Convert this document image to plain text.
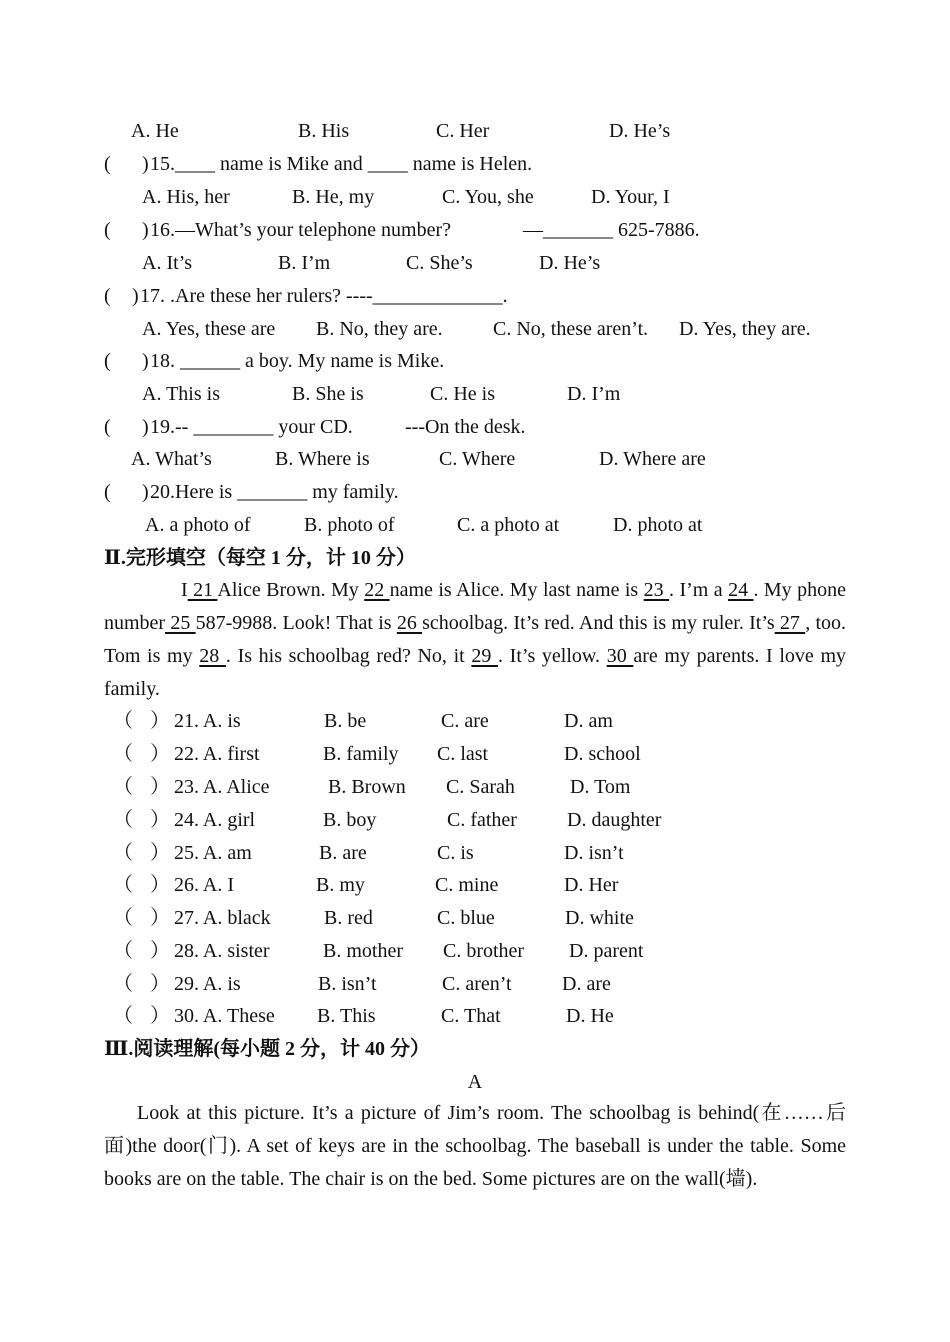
A. He	B. His	C. Her	D. He’s
( ) 15.____ name is Mike and ____ name is Helen.
A. His, her	B. He, my	C. You, she	D. Your, I
( ) 16.—What’s your telephone number?	—_______ 625-7886.
A. It’s	B. I’m	C. She’s	D. He’s
( ) 17. .Are these her rulers? ----_____________.
A. Yes, these are B. No, they are.	C. No, these aren’t. D. Yes, they are.
( ) 18. ______ a boy. My name is Mike.
A. This is	B. She is	C. He is	D. I’m
( ) 19.-- ________ your CD.	---On the desk.
A. What’s	B. Where is	C. Where	D. Where are
( ) 20.Here is _______ my family.
A. a photo of	B. photo of	C. a photo at	D. photo at
Ⅱ.完形填空（每空 1 分，计 10 分）

I 21 Alice Brown. My 22 name is Alice. My last name is 23 . I’m a 24 . My phone number 25 587-9988. Look! That is 26 schoolbag. It’s red. And this is my ruler. It’s 27 , too. Tom is my 28 . Is his schoolbag red? No, it 29 . It’s yellow. 30 are my parents. I love my family.

（ ） 21. A. is	B. be	C. are	D. am
（ ） 22. A. first	B. family C. last	D. school
（ ） 23. A. Alice	B. Brown C. Sarah	D. Tom
（ ） 24. A. girl	B. boy	C. father	D. daughter
（ ） 25. A. am	B. are	C. is	D. isn’t
（ ） 26. A. I	B. my	C. mine	D. Her
（ ） 27. A. black	B. red	C. blue	D. white
（ ） 28. A. sister	B. mother C. brother D. parent
（ ） 29. A. is	B. isn’t	C. aren’t	D. are
（ ） 30. A. These B. This	C. That	D. He
Ⅲ.阅读理解(每小题 2 分，计 40 分）
A

Look at this picture. It’s a picture of Jim’s room. The schoolbag is behind(在……后面)the door(门). A set of keys are in the schoolbag. The baseball is under the table. Some books are on the table. The chair is on the bed. Some pictures are on the wall(墙).
